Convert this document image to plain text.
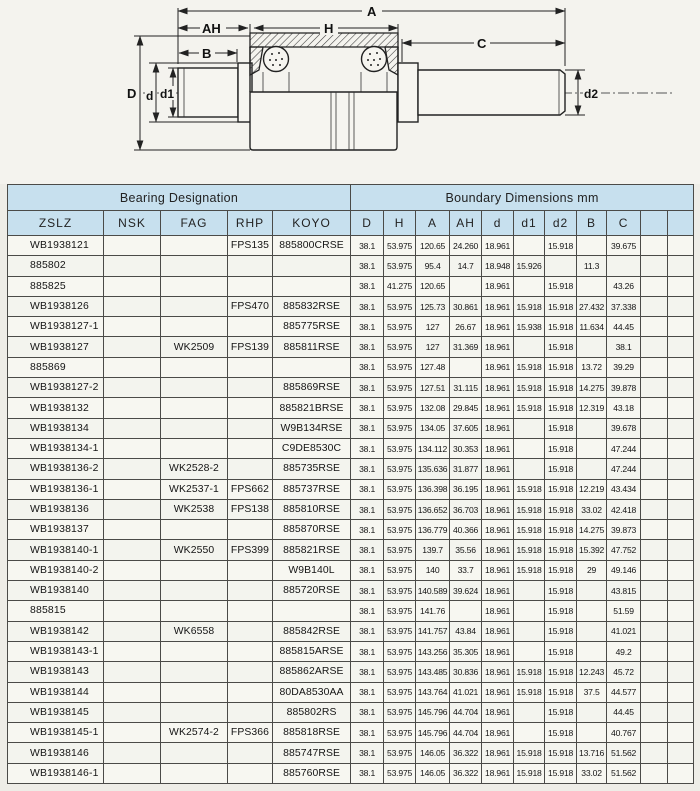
A
AH	H
B
C
D d d1	d2
Bearing Designation					Boundary Dimensions mm										
ZSLZ	NSK	FAG	RHP	KOYO	D	H	A	AH	d	d1	d2	B	C		
WB1938121			FPS135	885800CRSE	38.1	53.975	120.65	24.260	18.961		15.918		39.675		
885802					38.1	53.975	95.4	14.7	18.948	15.926		11.3			
885825					38.1	41.275	120.65		18.961		15.918		43.26		
WB1938126			FPS470	885832RSE	38.1	53.975	125.73	30.861	18.961	15.918	15.918	27.432	37.338		
WB1938127-1				885775RSE	38.1	53.975	127	26.67	18.961	15.938	15.918	11.634	44.45		
WB1938127		WK2509	FPS139	885811RSE	38.1	53.975	127	31.369	18.961		15.918		38.1		
885869					38.1	53.975	127.48		18.961	15.918	15.918	13.72	39.29		
WB1938127-2				885869RSE	38.1	53.975	127.51	31.115	18.961	15.918	15.918	14.275	39.878		
WB1938132				885821BRSE	38.1	53.975	132.08	29.845	18.961	15.918	15.918	12.319	43.18		
WB1938134				W9B134RSE	38.1	53.975	134.05	37.605	18.961		15.918		39.678		
WB1938134-1				C9DE8530C	38.1	53.975	134.112	30.353	18.961		15.918		47.244		
WB1938136-2		WK2528-2		885735RSE	38.1	53.975	135.636	31.877	18.961		15.918		47.244		
WB1938136-1		WK2537-1	FPS662	885737RSE	38.1	53.975	136.398	36.195	18.961	15.918	15.918	12.219	43.434		
WB1938136		WK2538	FPS138	885810RSE	38.1	53.975	136.652	36.703	18.961	15.918	15.918	33.02	42.418		
WB1938137				885870RSE	38.1	53.975	136.779	40.366	18.961	15.918	15.918	14.275	39.873		
WB1938140-1		WK2550	FPS399	885821RSE	38.1	53.975	139.7	35.56	18.961	15.918	15.918	15.392	47.752		
WB1938140-2				W9B140L	38.1	53.975	140	33.7	18.961	15.918	15.918	29	49.146		
WB1938140				885720RSE	38.1	53.975	140.589	39.624	18.961		15.918		43.815		
885815					38.1	53.975	141.76		18.961		15.918		51.59		
WB1938142		WK6558		885842RSE	38.1	53.975	141.757	43.84	18.961		15.918		41.021		
WB1938143-1				885815ARSE	38.1	53.975	143.256	35.305	18.961		15.918		49.2		
WB1938143				885862ARSE	38.1	53.975	143.485	30.836	18.961	15.918	15.918	12.243	45.72		
WB1938144				80DA8530AA	38.1	53.975	143.764	41.021	18.961	15.918	15.918	37.5	44.577		
WB1938145				885802RS	38.1	53.975	145.796	44.704	18.961		15.918		44.45		
WB1938145-1		WK2574-2	FPS366	885818RSE	38.1	53.975	145.796	44.704	18.961		15.918		40.767		
WB1938146				885747RSE	38.1	53.975	146.05	36.322	18.961	15.918	15.918	13.716	51.562		
WB1938146-1				885760RSE	38.1	53.975	146.05	36.322	18.961	15.918	15.918	33.02	51.562		
